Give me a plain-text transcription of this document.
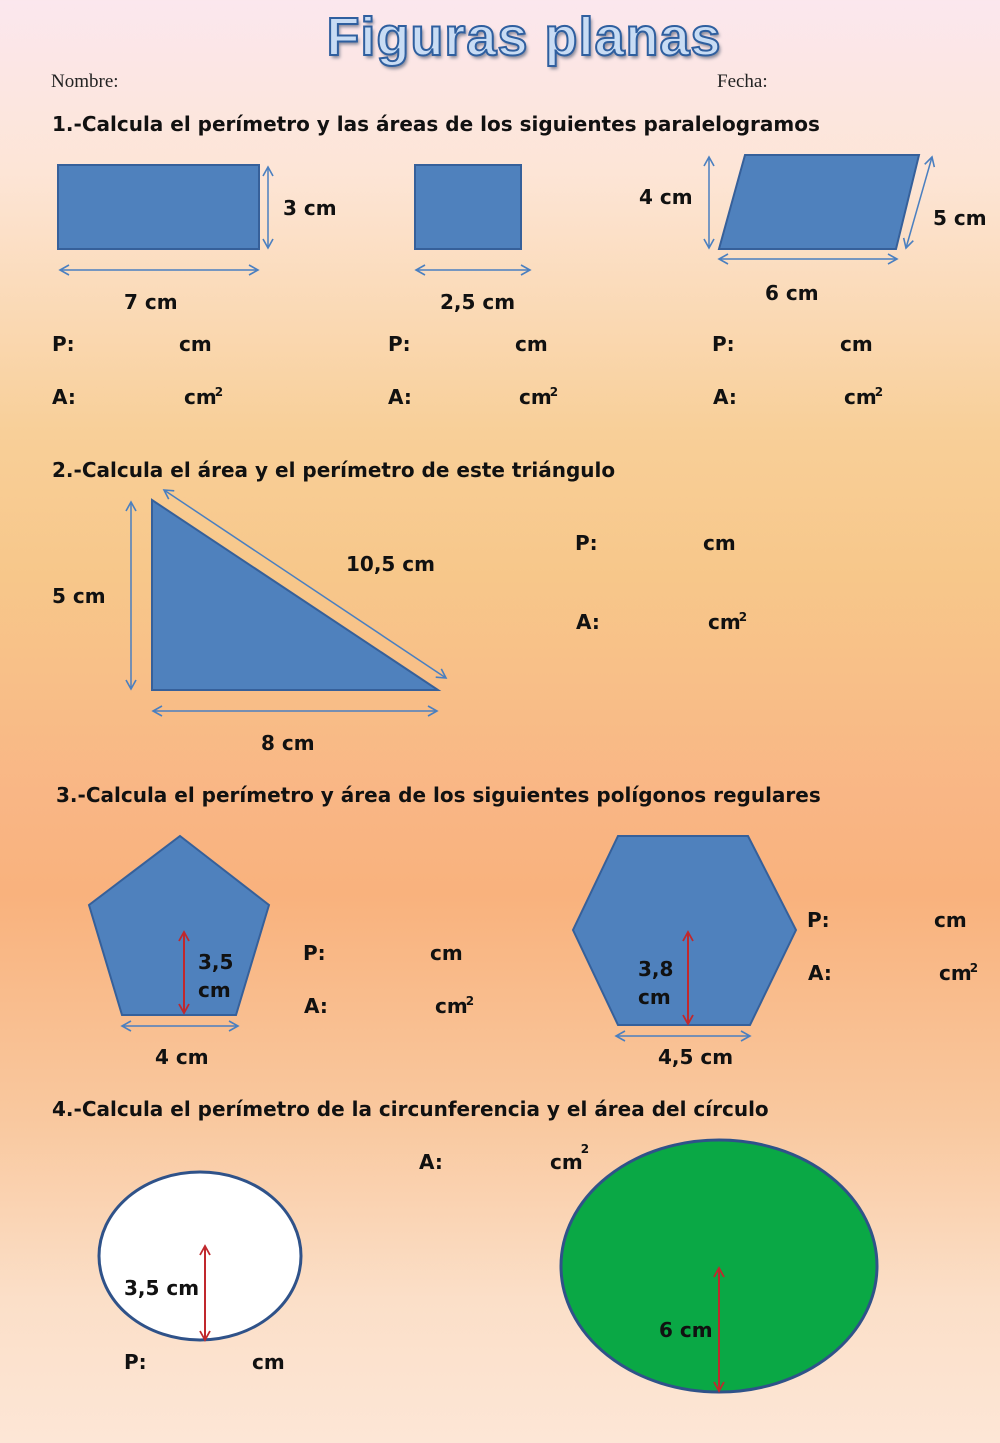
Figuras planas
Nombre:	Fecha:
1.-Calcula el perímetro y las áreas de los siguientes paralelogramos
3 cm
7 cm	2,5 cm
4 cm
5 cm
6 cm
P:	cm
A:	$cm^2$
P:	cm
A:	$cm^2$
P:	cm
A:	$cm^2$
2.-Calcula el área y el perímetro de este triángulo
5 cm
10,5 cm
8 cm
P:	cm
A:	$cm^2$
3.-Calcula el perímetro y área de los siguientes polígonos regulares
3,5
cm
4 cm
P:	cm
A:	$cm^2$
3,8
cm
4,5 cm
P:	cm
A:	$cm^2$
4.-Calcula el perímetro de la circunferencia y el área del círculo
3,5 cm
P:	cm
A:	$cm^2$
6 cm
